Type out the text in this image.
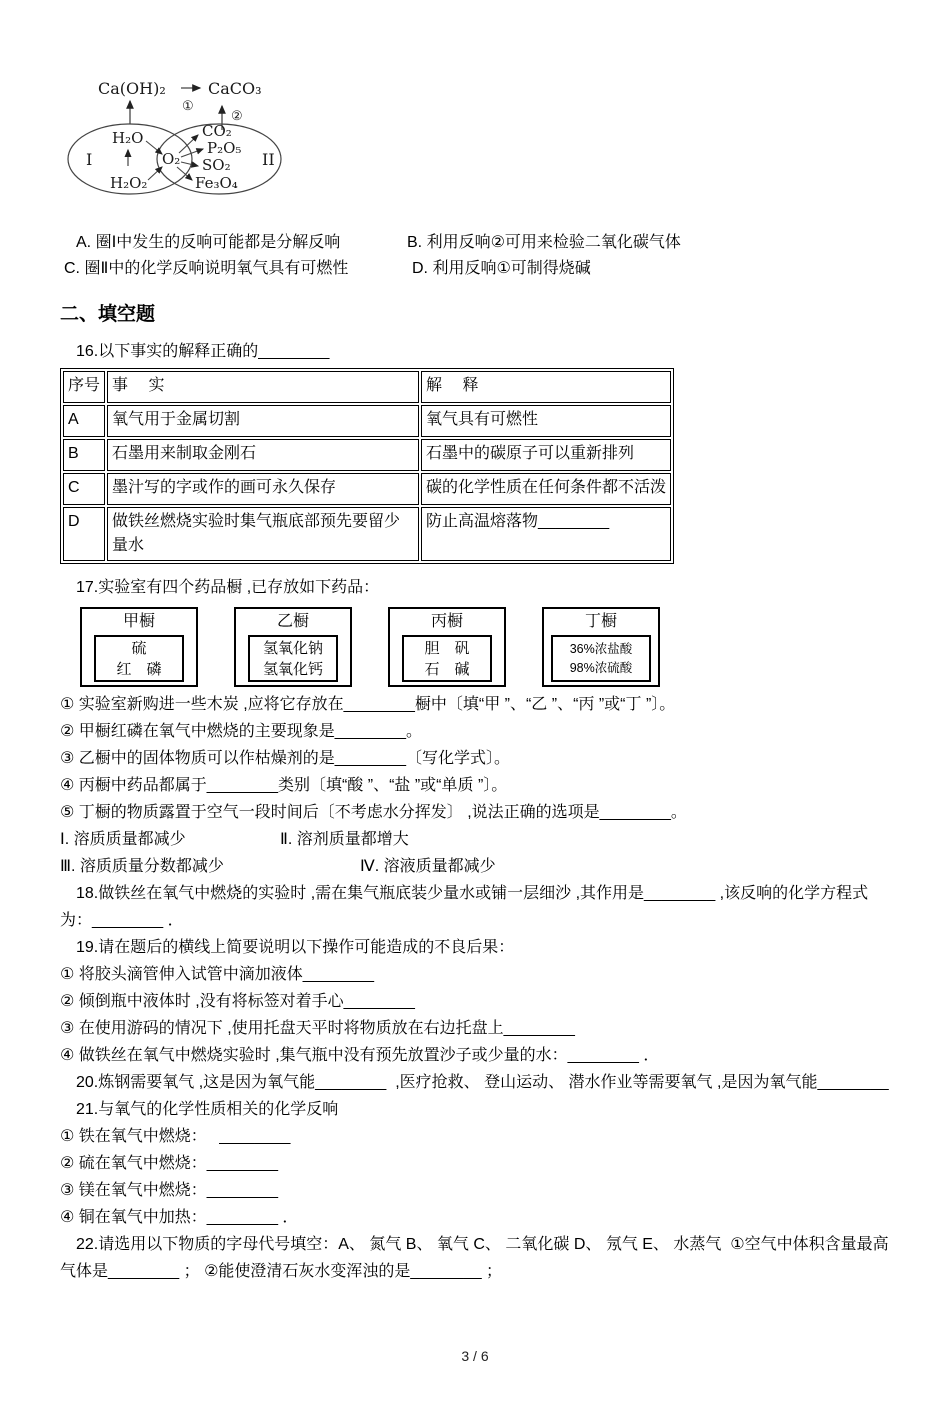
Ca(OH)₂
①
CaCO₃
②
I	II
H₂O
H₂O₂
O₂
CO₂
P₂O₅
SO₂
Fe₃O₄
A. 圈Ⅰ中发生的反响可能都是分解反响	B. 利用反响②可用来检验二氧化碳气体
C. 圈Ⅱ中的化学反响说明氧气具有可燃性	D. 利用反响①可制得烧碱
二、填空题
16.以下事实的解释正确的________
序号	事　 实	解　 释
A	氧气用于金属切割	氧气具有可燃性
B	石墨用来制取金刚石	石墨中的碳原子可以重新排列
C	墨汁写的字或作的画可永久保存	碳的化学性质在任何条件都不活泼
D	做铁丝燃烧实验时集气瓶底部预先要留少量水	防止高温熔落物________
17.实验室有四个药品橱 ,已存放如下药品：
甲橱
硫
红　磷
乙橱
氢氧化钠
氢氧化钙
丙橱
胆　矾
石　碱
丁橱
36%浓盐酸
98%浓硫酸
① 实验室新购进一些木炭 ,应将它存放在________橱中〔填“甲 ”、“乙 ”、“丙 ”或“丁 ”〕。
② 甲橱红磷在氧气中燃烧的主要现象是________。
③ 乙橱中的固体物质可以作枯燥剂的是________〔写化学式〕。
④ 丙橱中药品都属于________类别〔填“酸 ”、“盐 ”或“单质 ”〕。
⑤ 丁橱的物质露置于空气一段时间后〔不考虑水分挥发〕 ,说法正确的选项是________。
Ⅰ. 溶质质量都减少	Ⅱ. 溶剂质量都增大
Ⅲ. 溶质质量分数都减少	Ⅳ. 溶液质量都减少
18.做铁丝在氧气中燃烧的实验时 ,需在集气瓶底装少量水或铺一层细沙 ,其作用是________ ,该反响的化学方程式为：________ ．
19.请在题后的横线上简要说明以下操作可能造成的不良后果：
① 将胶头滴管伸入试管中滴加液体________
② 倾倒瓶中液体时 ,没有将标签对着手心________
③ 在使用游码的情况下 ,使用托盘天平时将物质放在右边托盘上________
④ 做铁丝在氧气中燃烧实验时 ,集气瓶中没有预先放置沙子或少量的水：________ ．
20.炼钢需要氧气 ,这是因为氧气能________  ,医疗抢救、 登山运动、 潜水作业等需要氧气 ,是因为氧气能________
21.与氧气的化学性质相关的化学反响
① 铁在氧气中燃烧：　 ________
② 硫在氧气中燃烧：________
③ 镁在氧气中燃烧：________
④ 铜在氧气中加热：________ ．
22.请选用以下物质的字母代号填空：A、 氮气 B、 氧气 C、 二氧化碳 D、 氖气 E、 水蒸气  ①空气中体积含量最高气体是________ ； ②能使澄清石灰水变浑浊的是________ ；
3 / 6
